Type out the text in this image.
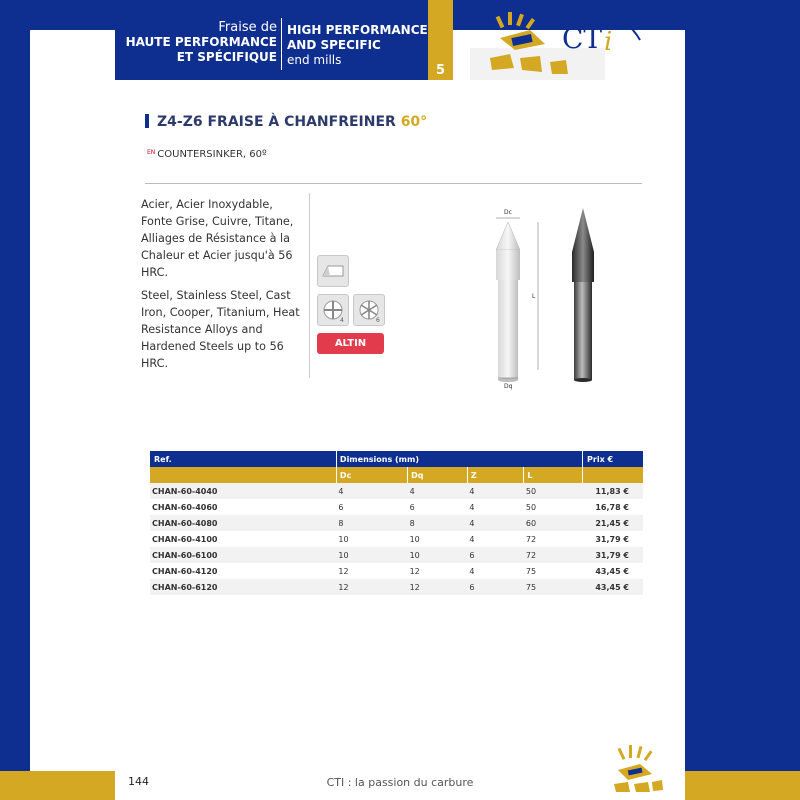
Fraise de
HAUTE PERFORMANCE
ET SPÉCIFIQUE
HIGH PERFORMANCE
AND SPECIFIC
end mills
5
CT i
Z4-Z6 FRAISE À CHANFREINER 60°
$^{EN}$ COUNTERSINKER, 60º
Acier, Acier Inoxydable, Fonte Grise, Cuivre, Titane, Alliages de Résistance à la Chaleur et Acier jusqu'à 56 HRC.
Steel, Stainless Steel, Cast Iron, Cooper, Titanium, Heat Resistance Alloys and Hardened Steels up to 56 HRC.
4	6
ALTIN
Dc
L
Dq
Ref.	Dimensions (mm)				Prix €
	Dc	Dq	Z	L	
CHAN-60-4040	4	4	4	50	11,83 €
CHAN-60-4060	6	6	4	50	16,78 €
CHAN-60-4080	8	8	4	60	21,45 €
CHAN-60-4100	10	10	4	72	31,79 €
CHAN-60-6100	10	10	6	72	31,79 €
CHAN-60-4120	12	12	4	75	43,45 €
CHAN-60-6120	12	12	6	75	43,45 €
144	CTI : la passion du carbure
